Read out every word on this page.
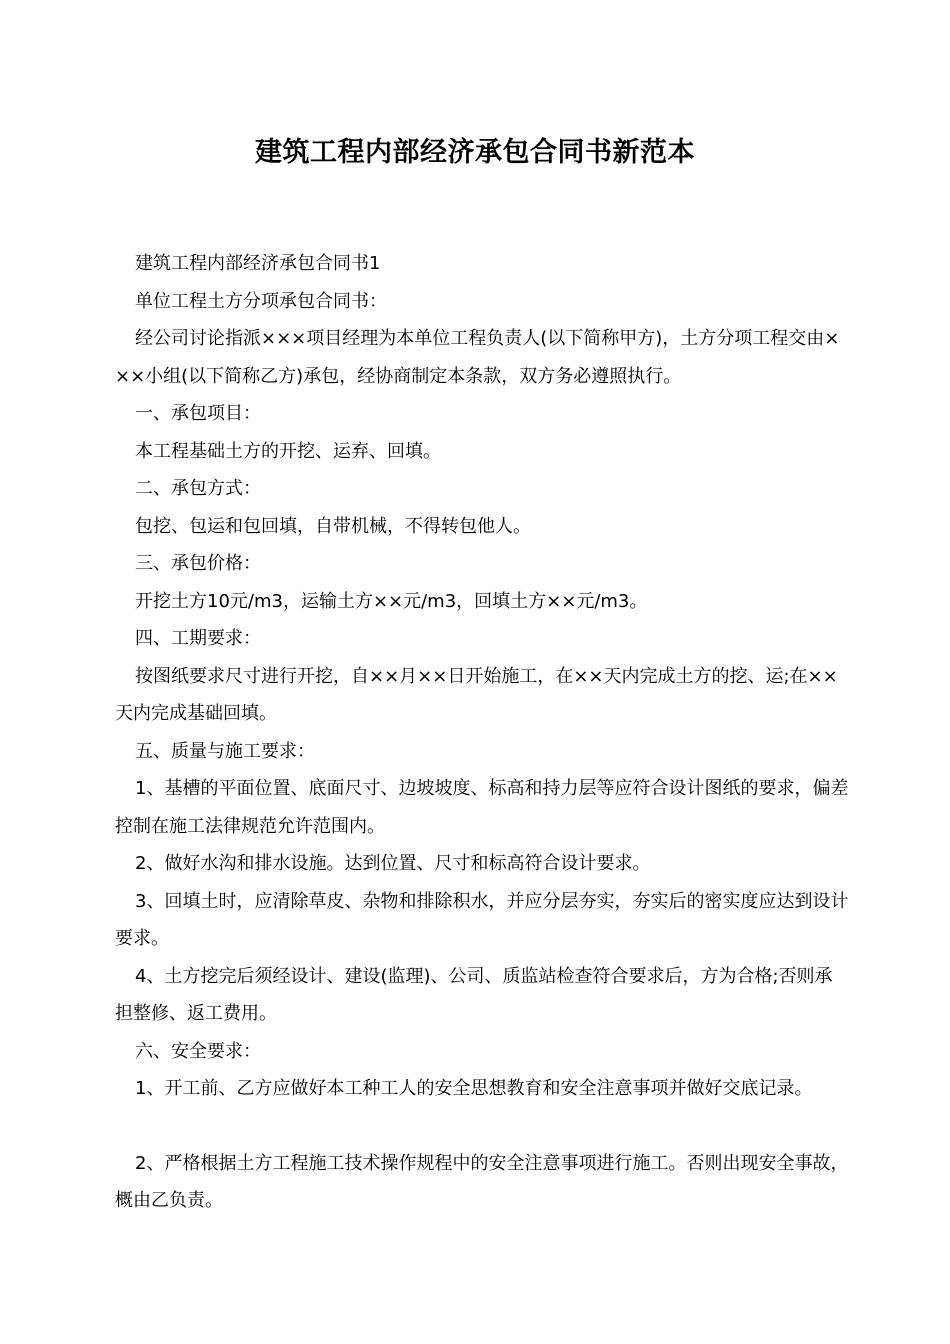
建筑工程内部经济承包合同书新范本

建筑工程内部经济承包合同书1

单位工程土方分项承包合同书：

经公司讨论指派×××项目经理为本单位工程负责人(以下简称甲方)，土方分项工程交由×××小组(以下简称乙方)承包，经协商制定本条款，双方务必遵照执行。

一、承包项目：

本工程基础土方的开挖、运弃、回填。

二、承包方式：

包挖、包运和包回填，自带机械，不得转包他人。

三、承包价格：

开挖土方10元/m3，运输土方××元/m3，回填土方××元/m3。

四、工期要求：

按图纸要求尺寸进行开挖，自××月××日开始施工，在××天内完成土方的挖、运;在××天内完成基础回填。

五、质量与施工要求：

1、基槽的平面位置、底面尺寸、边坡坡度、标高和持力层等应符合设计图纸的要求，偏差控制在施工法律规范允许范围内。

2、做好水沟和排水设施。达到位置、尺寸和标高符合设计要求。

3、回填土时，应清除草皮、杂物和排除积水，并应分层夯实，夯实后的密实度应达到设计要求。

4、土方挖完后须经设计、建设(监理)、公司、质监站检查符合要求后，方为合格;否则承担整修、返工费用。

六、安全要求：

1、开工前、乙方应做好本工种工人的安全思想教育和安全注意事项并做好交底记录。

2、严格根据土方工程施工技术操作规程中的安全注意事项进行施工。否则出现安全事故，概由乙负责。
